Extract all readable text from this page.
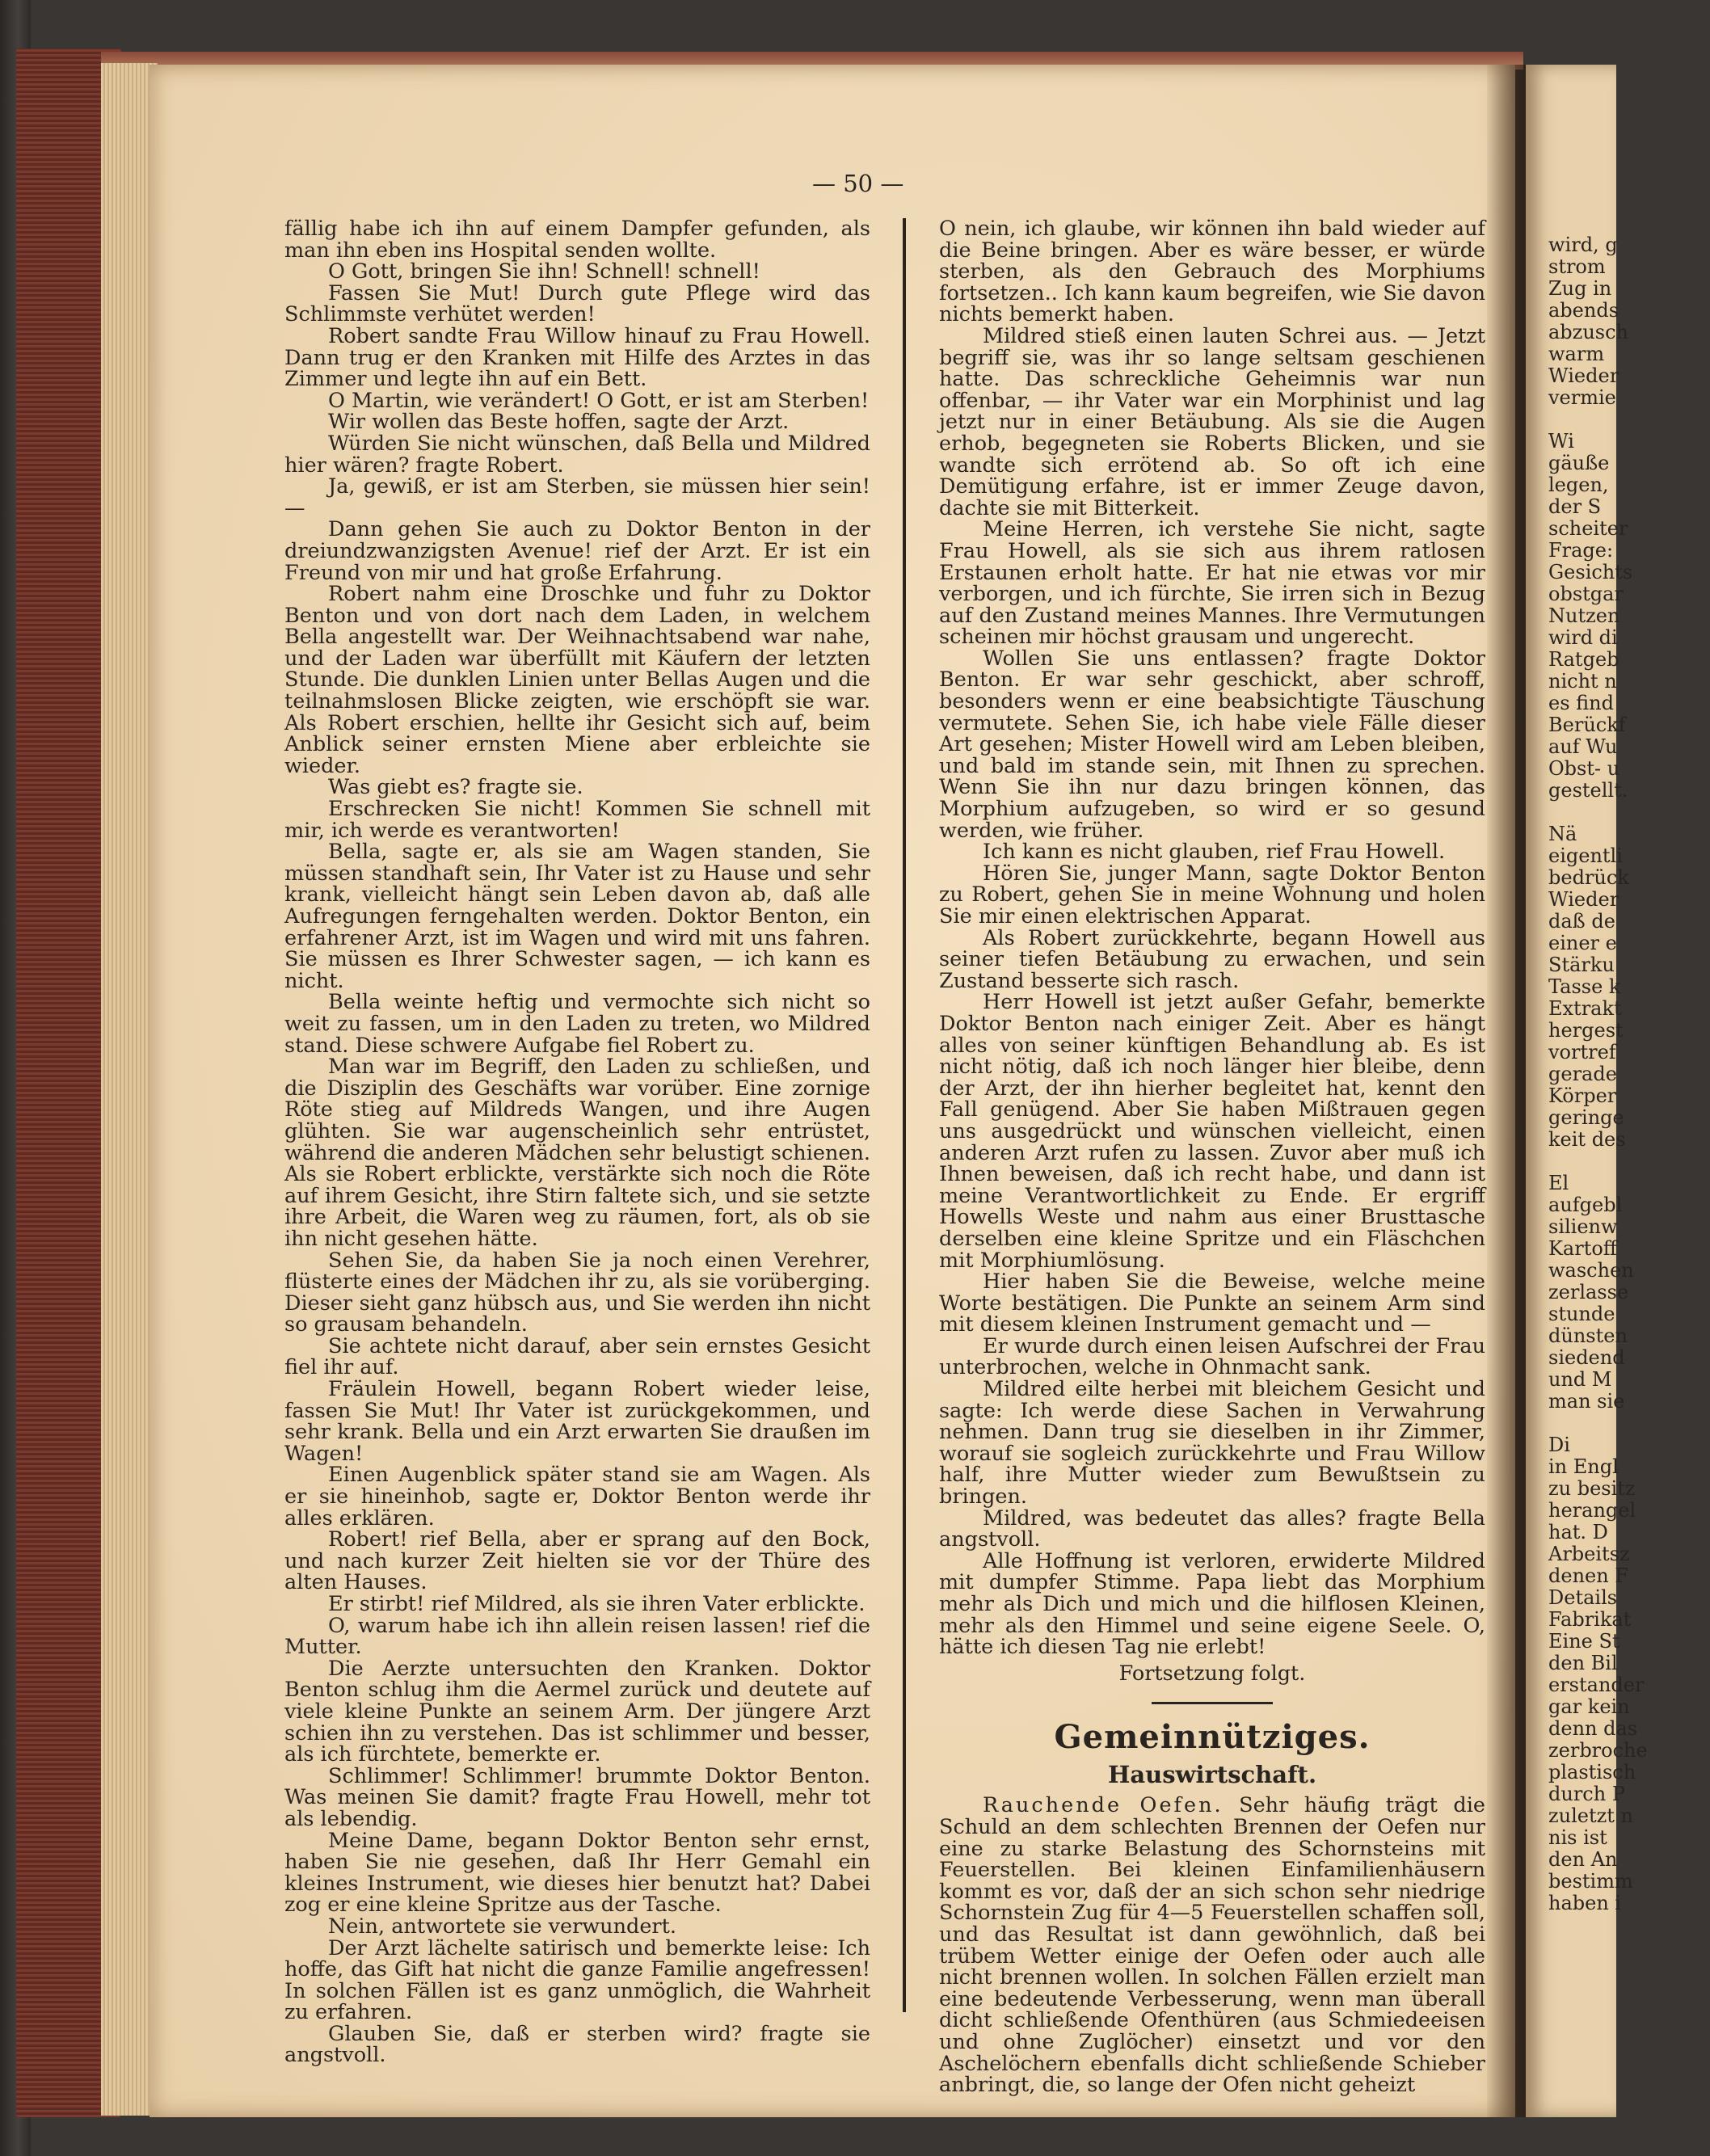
— 50 —

fällig habe ich ihn auf einem Dampfer gefunden, als man ihn eben ins Hospital senden wollte.

O Gott, bringen Sie ihn! Schnell! schnell!

Fassen Sie Mut! Durch gute Pflege wird das Schlimmste verhütet werden!

Robert sandte Frau Willow hinauf zu Frau Howell. Dann trug er den Kranken mit Hilfe des Arztes in das Zimmer und legte ihn auf ein Bett.

O Martin, wie verändert! O Gott, er ist am Sterben!

Wir wollen das Beste hoffen, sagte der Arzt.

Würden Sie nicht wünschen, daß Bella und Mildred hier wären? fragte Robert.

Ja, gewiß, er ist am Sterben, sie müssen hier sein! —

Dann gehen Sie auch zu Doktor Benton in der dreiundzwanzigsten Avenue! rief der Arzt. Er ist ein Freund von mir und hat große Erfahrung.

Robert nahm eine Droschke und fuhr zu Doktor Benton und von dort nach dem Laden, in welchem Bella angestellt war. Der Weihnachtsabend war nahe, und der Laden war überfüllt mit Käufern der letzten Stunde. Die dunklen Linien unter Bellas Augen und die teilnahmslosen Blicke zeigten, wie erschöpft sie war. Als Robert erschien, hellte ihr Gesicht sich auf, beim Anblick seiner ernsten Miene aber erbleichte sie wieder.

Was giebt es? fragte sie.

Erschrecken Sie nicht! Kommen Sie schnell mit mir, ich werde es verantworten!

Bella, sagte er, als sie am Wagen standen, Sie müssen standhaft sein, Ihr Vater ist zu Hause und sehr krank, vielleicht hängt sein Leben davon ab, daß alle Aufregungen ferngehalten werden. Doktor Benton, ein erfahrener Arzt, ist im Wagen und wird mit uns fahren. Sie müssen es Ihrer Schwester sagen, — ich kann es nicht.

Bella weinte heftig und vermochte sich nicht so weit zu fassen, um in den Laden zu treten, wo Mildred stand. Diese schwere Aufgabe fiel Robert zu.

Man war im Begriff, den Laden zu schließen, und die Disziplin des Geschäfts war vorüber. Eine zornige Röte stieg auf Mildreds Wangen, und ihre Augen glühten. Sie war augenscheinlich sehr entrüstet, während die anderen Mädchen sehr belustigt schienen. Als sie Robert erblickte, verstärkte sich noch die Röte auf ihrem Gesicht, ihre Stirn faltete sich, und sie setzte ihre Arbeit, die Waren weg zu räumen, fort, als ob sie ihn nicht gesehen hätte.

Sehen Sie, da haben Sie ja noch einen Verehrer, flüsterte eines der Mädchen ihr zu, als sie vorüberging. Dieser sieht ganz hübsch aus, und Sie werden ihn nicht so grausam behandeln.

Sie achtete nicht darauf, aber sein ernstes Gesicht fiel ihr auf.

Fräulein Howell, begann Robert wieder leise, fassen Sie Mut! Ihr Vater ist zurückgekommen, und sehr krank. Bella und ein Arzt erwarten Sie draußen im Wagen!

Einen Augenblick später stand sie am Wagen. Als er sie hineinhob, sagte er, Doktor Benton werde ihr alles erklären.

Robert! rief Bella, aber er sprang auf den Bock, und nach kurzer Zeit hielten sie vor der Thüre des alten Hauses.

Er stirbt! rief Mildred, als sie ihren Vater erblickte.

O, warum habe ich ihn allein reisen lassen! rief die Mutter.

Die Aerzte untersuchten den Kranken. Doktor Benton schlug ihm die Aermel zurück und deutete auf viele kleine Punkte an seinem Arm. Der jüngere Arzt schien ihn zu verstehen. Das ist schlimmer und besser, als ich fürchtete, bemerkte er.

Schlimmer! Schlimmer! brummte Doktor Benton. Was meinen Sie damit? fragte Frau Howell, mehr tot als lebendig.

Meine Dame, begann Doktor Benton sehr ernst, haben Sie nie gesehen, daß Ihr Herr Gemahl ein kleines Instrument, wie dieses hier benutzt hat? Dabei zog er eine kleine Spritze aus der Tasche.

Nein, antwortete sie verwundert.

Der Arzt lächelte satirisch und bemerkte leise: Ich hoffe, das Gift hat nicht die ganze Familie angefressen! In solchen Fällen ist es ganz unmöglich, die Wahrheit zu erfahren.

Glauben Sie, daß er sterben wird? fragte sie angstvoll.

O nein, ich glaube, wir können ihn bald wieder auf die Beine bringen. Aber es wäre besser, er würde sterben, als den Gebrauch des Morphiums fortsetzen.. Ich kann kaum begreifen, wie Sie davon nichts bemerkt haben.

Mildred stieß einen lauten Schrei aus. — Jetzt begriff sie, was ihr so lange seltsam geschienen hatte. Das schreckliche Geheimnis war nun offenbar, — ihr Vater war ein Morphinist und lag jetzt nur in einer Betäubung. Als sie die Augen erhob, begegneten sie Roberts Blicken, und sie wandte sich errötend ab. So oft ich eine Demütigung erfahre, ist er immer Zeuge davon, dachte sie mit Bitterkeit.

Meine Herren, ich verstehe Sie nicht, sagte Frau Howell, als sie sich aus ihrem ratlosen Erstaunen erholt hatte. Er hat nie etwas vor mir verborgen, und ich fürchte, Sie irren sich in Bezug auf den Zustand meines Mannes. Ihre Vermutungen scheinen mir höchst grausam und ungerecht.

Wollen Sie uns entlassen? fragte Doktor Benton. Er war sehr geschickt, aber schroff, besonders wenn er eine beabsichtigte Täuschung vermutete. Sehen Sie, ich habe viele Fälle dieser Art gesehen; Mister Howell wird am Leben bleiben, und bald im stande sein, mit Ihnen zu sprechen. Wenn Sie ihn nur dazu bringen können, das Morphium aufzugeben, so wird er so gesund werden, wie früher.

Ich kann es nicht glauben, rief Frau Howell.

Hören Sie, junger Mann, sagte Doktor Benton zu Robert, gehen Sie in meine Wohnung und holen Sie mir einen elektrischen Apparat.

Als Robert zurückkehrte, begann Howell aus seiner tiefen Betäubung zu erwachen, und sein Zustand besserte sich rasch.

Herr Howell ist jetzt außer Gefahr, bemerkte Doktor Benton nach einiger Zeit. Aber es hängt alles von seiner künftigen Behandlung ab. Es ist nicht nötig, daß ich noch länger hier bleibe, denn der Arzt, der ihn hierher begleitet hat, kennt den Fall genügend. Aber Sie haben Mißtrauen gegen uns ausgedrückt und wünschen vielleicht, einen anderen Arzt rufen zu lassen. Zuvor aber muß ich Ihnen beweisen, daß ich recht habe, und dann ist meine Verantwortlichkeit zu Ende. Er ergriff Howells Weste und nahm aus einer Brusttasche derselben eine kleine Spritze und ein Fläschchen mit Morphiumlösung.

Hier haben Sie die Beweise, welche meine Worte bestätigen. Die Punkte an seinem Arm sind mit diesem kleinen Instrument gemacht und —

Er wurde durch einen leisen Aufschrei der Frau unterbrochen, welche in Ohnmacht sank.

Mildred eilte herbei mit bleichem Gesicht und sagte: Ich werde diese Sachen in Verwahrung nehmen. Dann trug sie dieselben in ihr Zimmer, worauf sie sogleich zurückkehrte und Frau Willow half, ihre Mutter wieder zum Bewußtsein zu bringen.

Mildred, was bedeutet das alles? fragte Bella angstvoll.

Alle Hoffnung ist verloren, erwiderte Mildred mit dumpfer Stimme. Papa liebt das Morphium mehr als Dich und mich und die hilflosen Kleinen, mehr als den Himmel und seine eigene Seele. O, hätte ich diesen Tag nie erlebt!

Fortsetzung folgt.

Gemeinnütziges.
Hauswirtschaft.

Rauchende Oefen. Sehr häufig trägt die Schuld an dem schlechten Brennen der Oefen nur eine zu starke Belastung des Schornsteins mit Feuerstellen. Bei kleinen Einfamilienhäusern kommt es vor, daß der an sich schon sehr niedrige Schornstein Zug für 4—5 Feuerstellen schaffen soll, und das Resultat ist dann gewöhnlich, daß bei trübem Wetter einige der Oefen oder auch alle nicht brennen wollen. In solchen Fällen erzielt man eine bedeutende Verbesserung, wenn man überall dicht schließende Ofenthüren (aus Schmiedeeisen und ohne Zuglöcher) einsetzt und vor den Aschelöchern ebenfalls dicht schließende Schieber anbringt, die, so lange der Ofen nicht geheizt

wird, g
strom
Zug in
abends
abzusch
warm
Wieder
vermie

Wi
gäuße
legen,
der S
scheiter
Frage:
Gesichts
obstgar
Nutzen
wird di
Ratgeb
nicht n
es find
Berückf
auf Wu
Obst- u
gestellt.

Nä
eigentli
bedrück
Wieder
daß de
einer e
Stärku
Tasse k
Extrakt
hergest
vortref
gerade
Körper
geringe
keit des

El
aufgebl
silienw
Kartoff
waschen
zerlasse
stunde
dünsten
siedend
und M
man sie

Di
in Engl
zu besitz
herangel
hat. D
Arbeitsz
denen F
Details
Fabrikat
Eine St
den Bil
erstander
gar kein
denn das
zerbroche
plastisch
durch P
zuletzt n
nis ist
den An
bestimm
haben i
